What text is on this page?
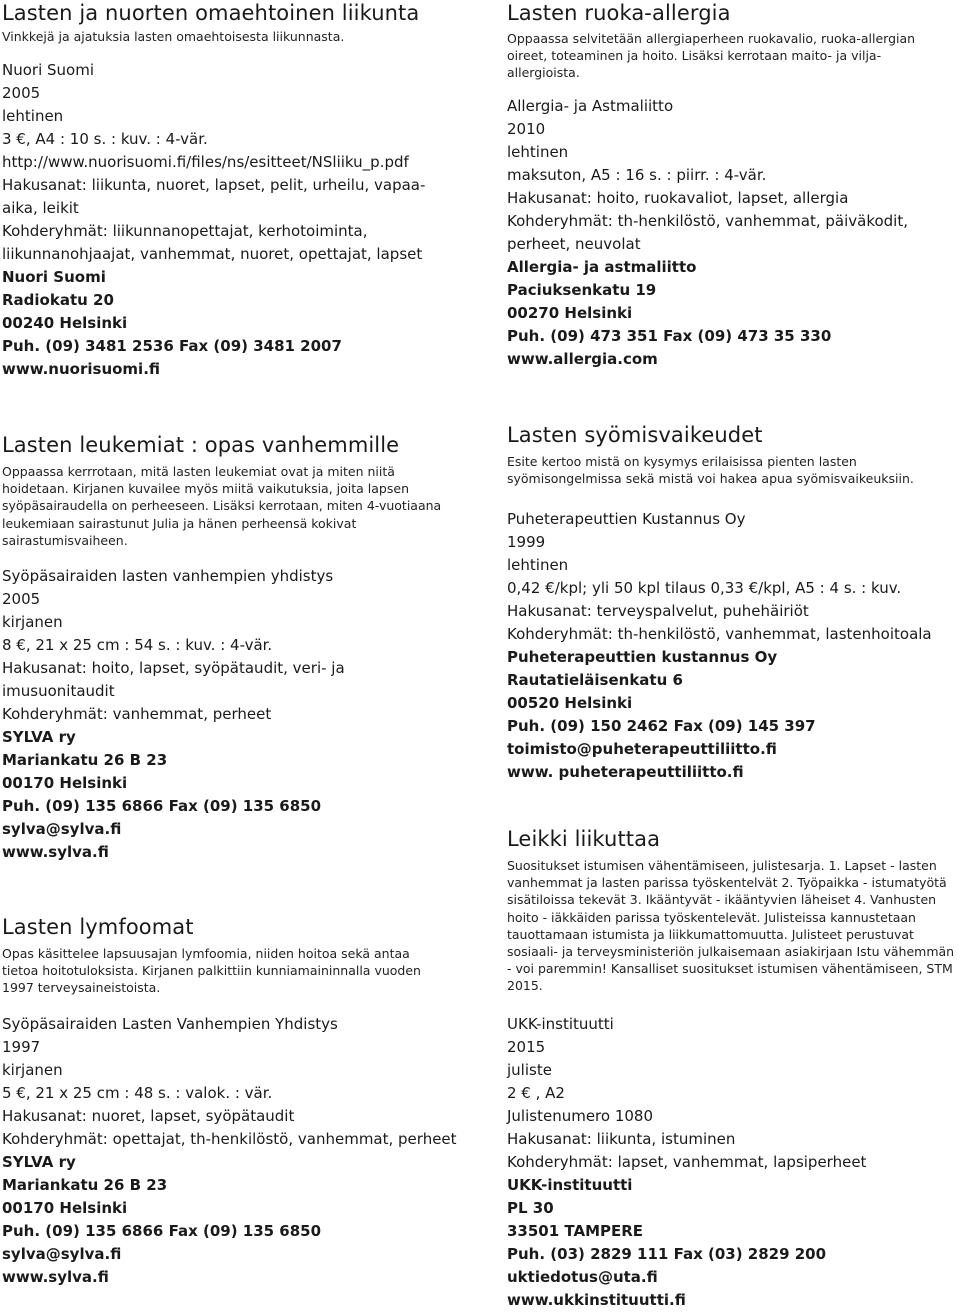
Lasten ja nuorten omaehtoinen liikunta

Vinkkejä ja ajatuksia lasten omaehtoisesta liikunnasta.

Nuori Suomi
2005
lehtinen
3 €, A4 : 10 s. : kuv. : 4-vär.
http://www.nuorisuomi.fi/files/ns/esitteet/NSliiku_p.pdf
Hakusanat: liikunta, nuoret, lapset, pelit, urheilu, vapaa-
aika, leikit
Kohderyhmät: liikunnanopettajat, kerhotoiminta,
liikunnanohjaajat, vanhemmat, nuoret, opettajat, lapset
Nuori Suomi
Radiokatu 20
00240 Helsinki
Puh. (09) 3481 2536 Fax (09) 3481 2007
www.nuorisuomi.fi
Lasten ruoka-allergia

Oppaassa selvitetään allergiaperheen ruokavalio, ruoka-allergian oireet, toteaminen ja hoito. Lisäksi kerrotaan maito- ja vilja-allergioista.

Allergia- ja Astmaliitto
2010
lehtinen
maksuton, A5 : 16 s. : piirr. : 4-vär.
Hakusanat: hoito, ruokavaliot, lapset, allergia
Kohderyhmät: th-henkilöstö, vanhemmat, päiväkodit,
perheet, neuvolat
Allergia- ja astmaliitto
Paciuksenkatu 19
00270 Helsinki
Puh. (09) 473 351 Fax (09) 473 35 330
www.allergia.com
Lasten leukemiat : opas vanhemmille

Oppaassa kerrrotaan, mitä lasten leukemiat ovat ja miten niitä hoidetaan. Kirjanen kuvailee myös miitä vaikutuksia, joita lapsen syöpäsairaudella on perheeseen. Lisäksi kerrotaan, miten 4-vuotiaana leukemiaan sairastunut Julia ja hänen perheensä kokivat sairastumisvaiheen.

Syöpäsairaiden lasten vanhempien yhdistys
2005
kirjanen
8 €, 21 x 25 cm : 54 s. : kuv. : 4-vär.
Hakusanat: hoito, lapset, syöpätaudit, veri- ja
imusuonitaudit
Kohderyhmät: vanhemmat, perheet
SYLVA ry
Mariankatu 26 B 23
00170 Helsinki
Puh. (09) 135 6866 Fax (09) 135 6850
sylva@sylva.fi
www.sylva.fi
Lasten syömisvaikeudet

Esite kertoo mistä on kysymys erilaisissa pienten lasten syömisongelmissa sekä mistä voi hakea apua syömisvaikeuksiin.

Puheterapeuttien Kustannus Oy
1999
lehtinen
0,42 €/kpl; yli 50 kpl tilaus 0,33 €/kpl, A5 : 4 s. : kuv.
Hakusanat: terveyspalvelut, puhehäiriöt
Kohderyhmät: th-henkilöstö, vanhemmat, lastenhoitoala
Puheterapeuttien kustannus Oy
Rautatieläisenkatu 6
00520 Helsinki
Puh. (09) 150 2462 Fax (09) 145 397
toimisto@puheterapeuttiliitto.fi
www. puheterapeuttiliitto.fi
Lasten lymfoomat

Opas käsittelee lapsuusajan lymfoomia, niiden hoitoa sekä antaa tietoa hoitotuloksista. Kirjanen palkittiin kunniamaininnalla vuoden 1997 terveysaineistoista.

Syöpäsairaiden Lasten Vanhempien Yhdistys
1997
kirjanen
5 €, 21 x 25 cm : 48 s. : valok. : vär.
Hakusanat: nuoret, lapset, syöpätaudit
Kohderyhmät: opettajat, th-henkilöstö, vanhemmat, perheet
SYLVA ry
Mariankatu 26 B 23
00170 Helsinki
Puh. (09) 135 6866 Fax (09) 135 6850
sylva@sylva.fi
www.sylva.fi
Leikki liikuttaa

Suositukset istumisen vähentämiseen, julistesarja. 1. Lapset - lasten vanhemmat ja lasten parissa työskentelvät 2. Työpaikka - istumatyötä sisätiloissa tekevät 3. Ikääntyvät - ikääntyvien läheiset 4. Vanhusten hoito - iäkkäiden parissa työskentelevät. Julisteissa kannustetaan tauottamaan istumista ja liikkumattomuutta. Julisteet perustuvat sosiaali- ja terveysministeriön julkaisemaan asiakirjaan Istu vähemmän - voi paremmin! Kansalliset suositukset istumisen vähentämiseen, STM 2015.

UKK-instituutti
2015
juliste
2 € , A2
Julistenumero 1080
Hakusanat: liikunta, istuminen
Kohderyhmät: lapset, vanhemmat, lapsiperheet
UKK-instituutti
PL 30
33501 TAMPERE
Puh. (03) 2829 111 Fax (03) 2829 200
uktiedotus@uta.fi
www.ukkinstituutti.fi
